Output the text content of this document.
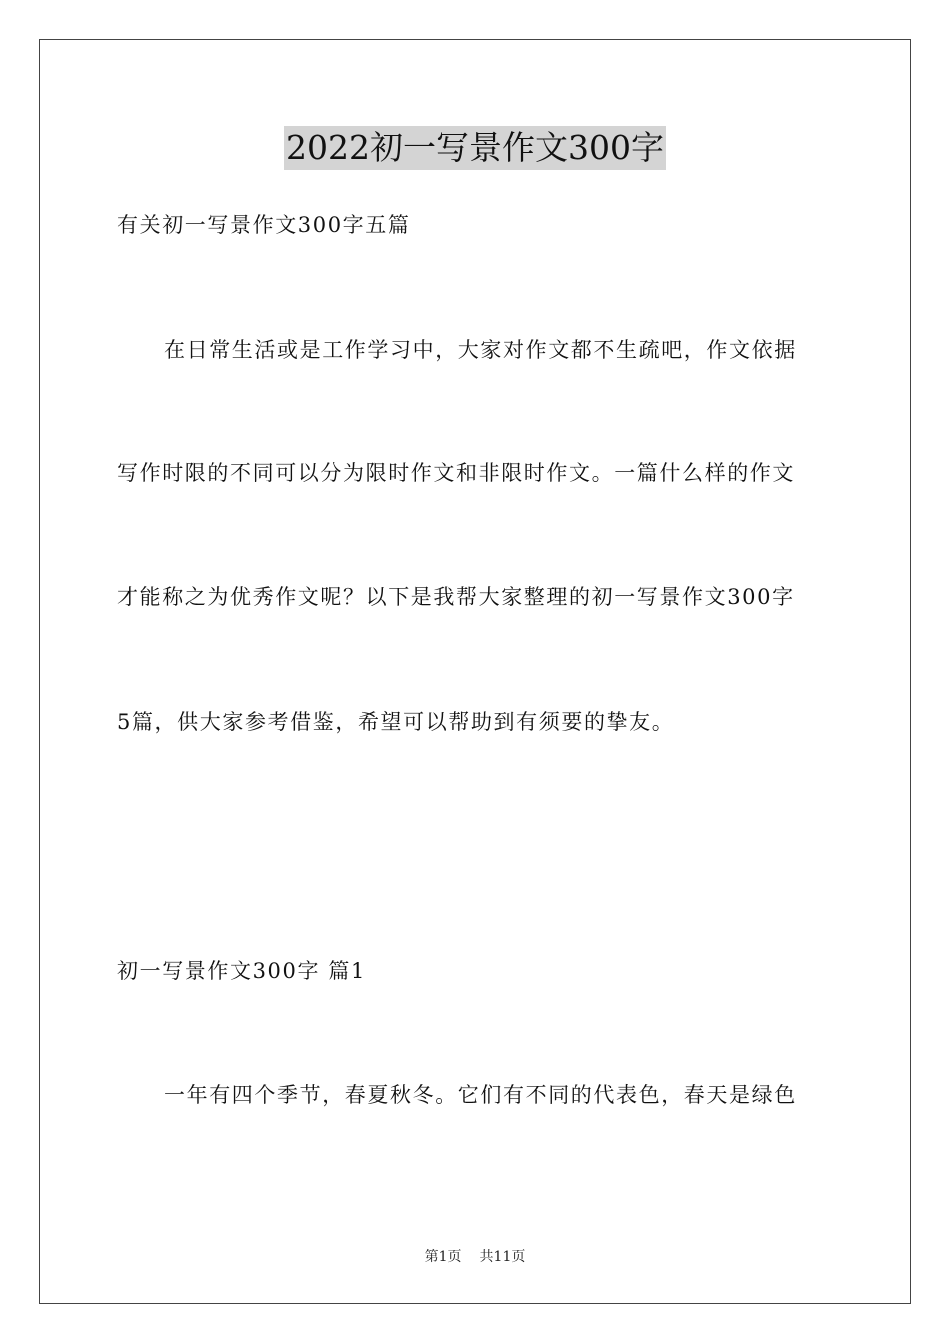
2022初一写景作文300字
有关初一写景作文300字五篇
在日常生活或是工作学习中，大家对作文都不生疏吧，作文依据
写作时限的不同可以分为限时作文和非限时作文。一篇什么样的作文
才能称之为优秀作文呢？以下是我帮大家整理的初一写景作文300字
5篇，供大家参考借鉴，希望可以帮助到有须要的挚友。
初一写景作文300字 篇1
一年有四个季节，春夏秋冬。它们有不同的代表色，春天是绿色
第1页 共11页
